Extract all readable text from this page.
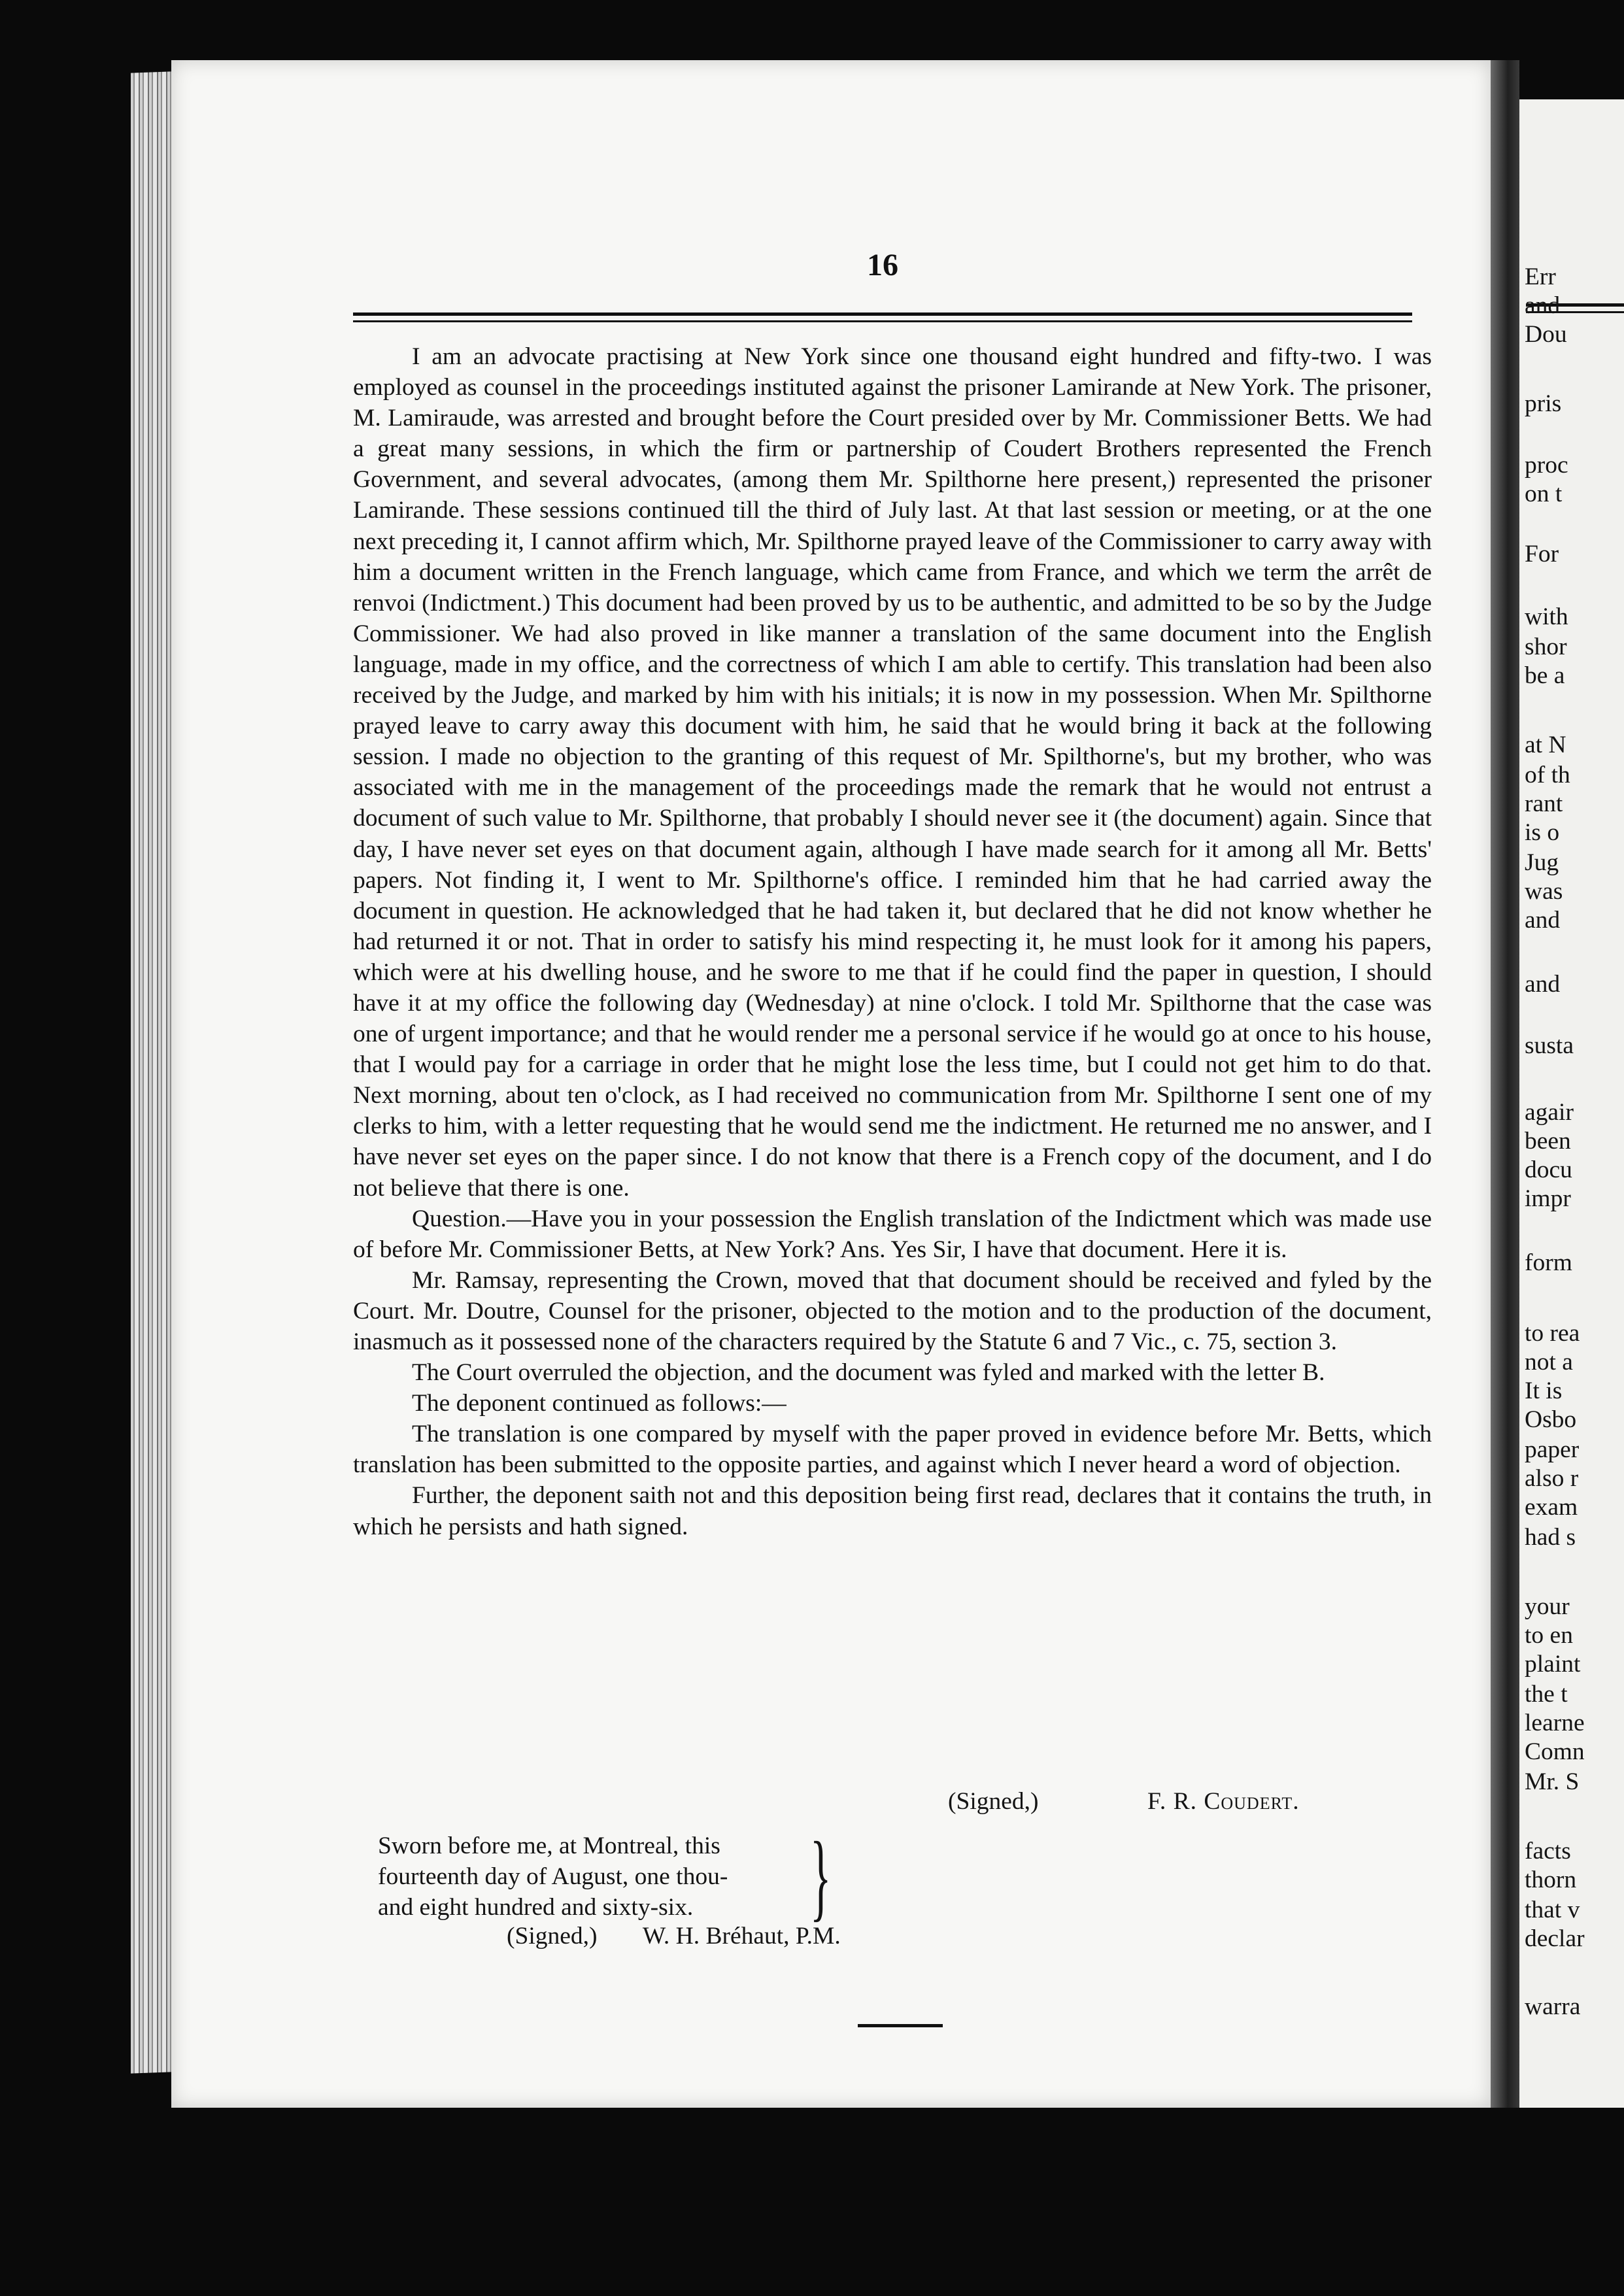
16

I am an advocate practising at New York since one thousand eight hundred and fifty-two. I was employed as counsel in the proceedings instituted against the prisoner Lamirande at New York. The prisoner, M. Lamiraude, was arrested and brought before the Court presided over by Mr. Commissioner Betts. We had a great many sessions, in which the firm or partnership of Coudert Brothers represented the French Government, and several advocates, (among them Mr. Spilthorne here present,) represented the prisoner Lamirande. These sessions continued till the third of July last. At that last session or meeting, or at the one next preceding it, I cannot affirm which, Mr. Spilthorne prayed leave of the Commissioner to carry away with him a document written in the French language, which came from France, and which we term the arrêt de renvoi (Indictment.) This document had been proved by us to be authentic, and admitted to be so by the Judge Commissioner. We had also proved in like manner a translation of the same document into the English language, made in my office, and the correctness of which I am able to certify. This translation had been also received by the Judge, and marked by him with his initials; it is now in my possession. When Mr. Spilthorne prayed leave to carry away this document with him, he said that he would bring it back at the following session. I made no objection to the granting of this request of Mr. Spilthorne's, but my brother, who was associated with me in the management of the proceedings made the remark that he would not entrust a document of such value to Mr. Spilthorne, that probably I should never see it (the document) again. Since that day, I have never set eyes on that document again, although I have made search for it among all Mr. Betts' papers. Not finding it, I went to Mr. Spilthorne's office. I reminded him that he had carried away the document in question. He acknowledged that he had taken it, but declared that he did not know whether he had returned it or not. That in order to satisfy his mind respecting it, he must look for it among his papers, which were at his dwelling house, and he swore to me that if he could find the paper in question, I should have it at my office the following day (Wednesday) at nine o'clock. I told Mr. Spilthorne that the case was one of urgent importance; and that he would render me a personal service if he would go at once to his house, that I would pay for a carriage in order that he might lose the less time, but I could not get him to do that. Next morning, about ten o'clock, as I had received no communication from Mr. Spilthorne I sent one of my clerks to him, with a letter requesting that he would send me the indictment. He returned me no answer, and I have never set eyes on the paper since. I do not know that there is a French copy of the document, and I do not believe that there is one.

Question.—Have you in your possession the English translation of the Indictment which was made use of before Mr. Commissioner Betts, at New York? Ans. Yes Sir, I have that document. Here it is.

Mr. Ramsay, representing the Crown, moved that that document should be received and fyled by the Court. Mr. Doutre, Counsel for the prisoner, objected to the motion and to the production of the document, inasmuch as it possessed none of the characters required by the Statute 6 and 7 Vic., c. 75, section 3.

The Court overruled the objection, and the document was fyled and marked with the letter B.

The deponent continued as follows:—

The translation is one compared by myself with the paper proved in evidence before Mr. Betts, which translation has been submitted to the opposite parties, and against which I never heard a word of objection.

Further, the deponent saith not and this deposition being first read, declares that it contains the truth, in which he persists and hath signed.

(Signed,)	F. R. Coudert.
Sworn before me, at Montreal, this
fourteenth day of August, one thou-
and eight hundred and sixty-six.	}
(Signed,) W. H. Bréhaut, P.M.
Err
and
Dou
pris
proc
on t
For
with
shor
be a
at N
of th
rant
is o
Jug
was
and
and
susta
agair
been
docu
impr
form
to rea
not a
It is
Osbo
paper
also r
exam
had s
your
to en
plaint
the t
learne
Comn
Mr. S
facts
thorn
that v
declar
warra
